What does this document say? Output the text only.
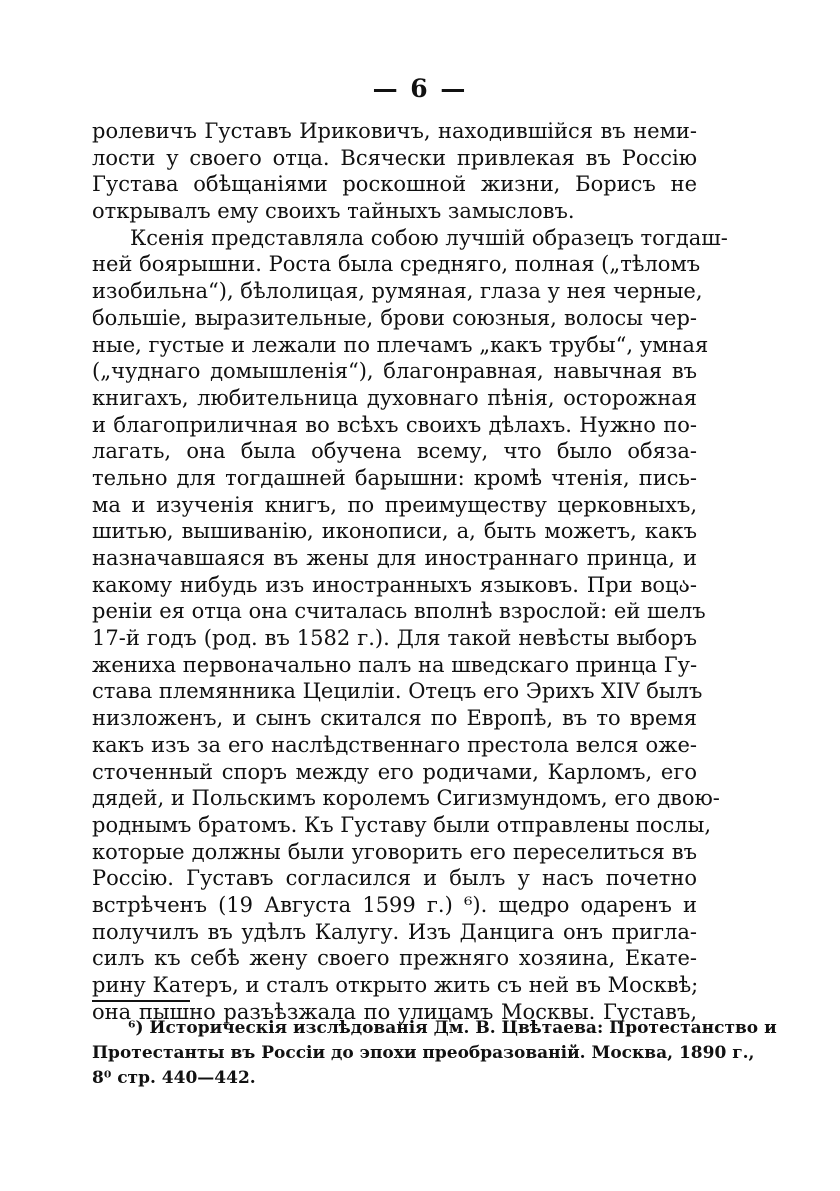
— 6 —
ролевичъ Густавъ Ириковичъ, находившійся въ неми-
лости у своего отца. Всячески привлекая въ Россію
Густава обѣщаніями роскошной жизни, Борисъ не
открывалъ ему своихъ тайныхъ замысловъ.
Ксенія представляла собою лучшій образецъ тогдаш-
ней боярышни. Роста была средняго, полная („тѣломъ
изобильна“), бѣлолицая, румяная, глаза у нея черные,
большіе, выразительные, брови союзныя, волосы чер-
ные, густые и лежали по плечамъ „какъ трубы“, умная
(„чуднаго домышленія“), благонравная, навычная въ
книгахъ, любительница духовнаго пѣнія, осторожная
и благоприличная во всѣхъ своихъ дѣлахъ. Нужно по-
лагать, она была обучена всему, что было обяза-
тельно для тогдашней барышни: кромѣ чтенія, пись-
ма и изученія книгъ, по преимуществу церковныхъ,
шитью, вышиванію, иконописи, а, быть можетъ, какъ
назначавшаяся въ жены для иностраннаго принца, и
какому нибудь изъ иностранныхъ языковъ. При воцა-
реніи ея отца она считалась вполнѣ взрослой: ей шелъ
17-й годъ (род. въ 1582 г.). Для такой невѣсты выборъ
жениха первоначально палъ на шведскаго принца Гу-
става племянника Цециліи. Отецъ его Эрихъ XIV былъ
низложенъ, и сынъ скитался по Европѣ, въ то время
какъ изъ за его наслѣдственнаго престола велся оже-
сточенный споръ между его родичами, Карломъ, его
дядей, и Польскимъ королемъ Сигизмундомъ, его двою-
роднымъ братомъ. Къ Густаву были отправлены послы,
которые должны были уговорить его переселиться въ
Россію. Густавъ согласился и былъ у насъ почетно
встрѣченъ (19 Августа 1599 г.) ⁶). щедро одаренъ и
получилъ въ удѣлъ Калугу. Изъ Данцига онъ пригла-
силъ къ себѣ жену своего прежняго хозяина, Екате-
рину Катеръ, и сталъ открыто жить съ ней въ Москвѣ;
она пышно разъѣзжала по улицамъ Москвы. Густавъ,
⁶) Историческія изслѣдованія Дм. В. Цвѣтаева: Протестанство и
Протестанты въ Россіи до эпохи преобразованій. Москва, 1890 г.,
8⁰ стр. 440—442.
